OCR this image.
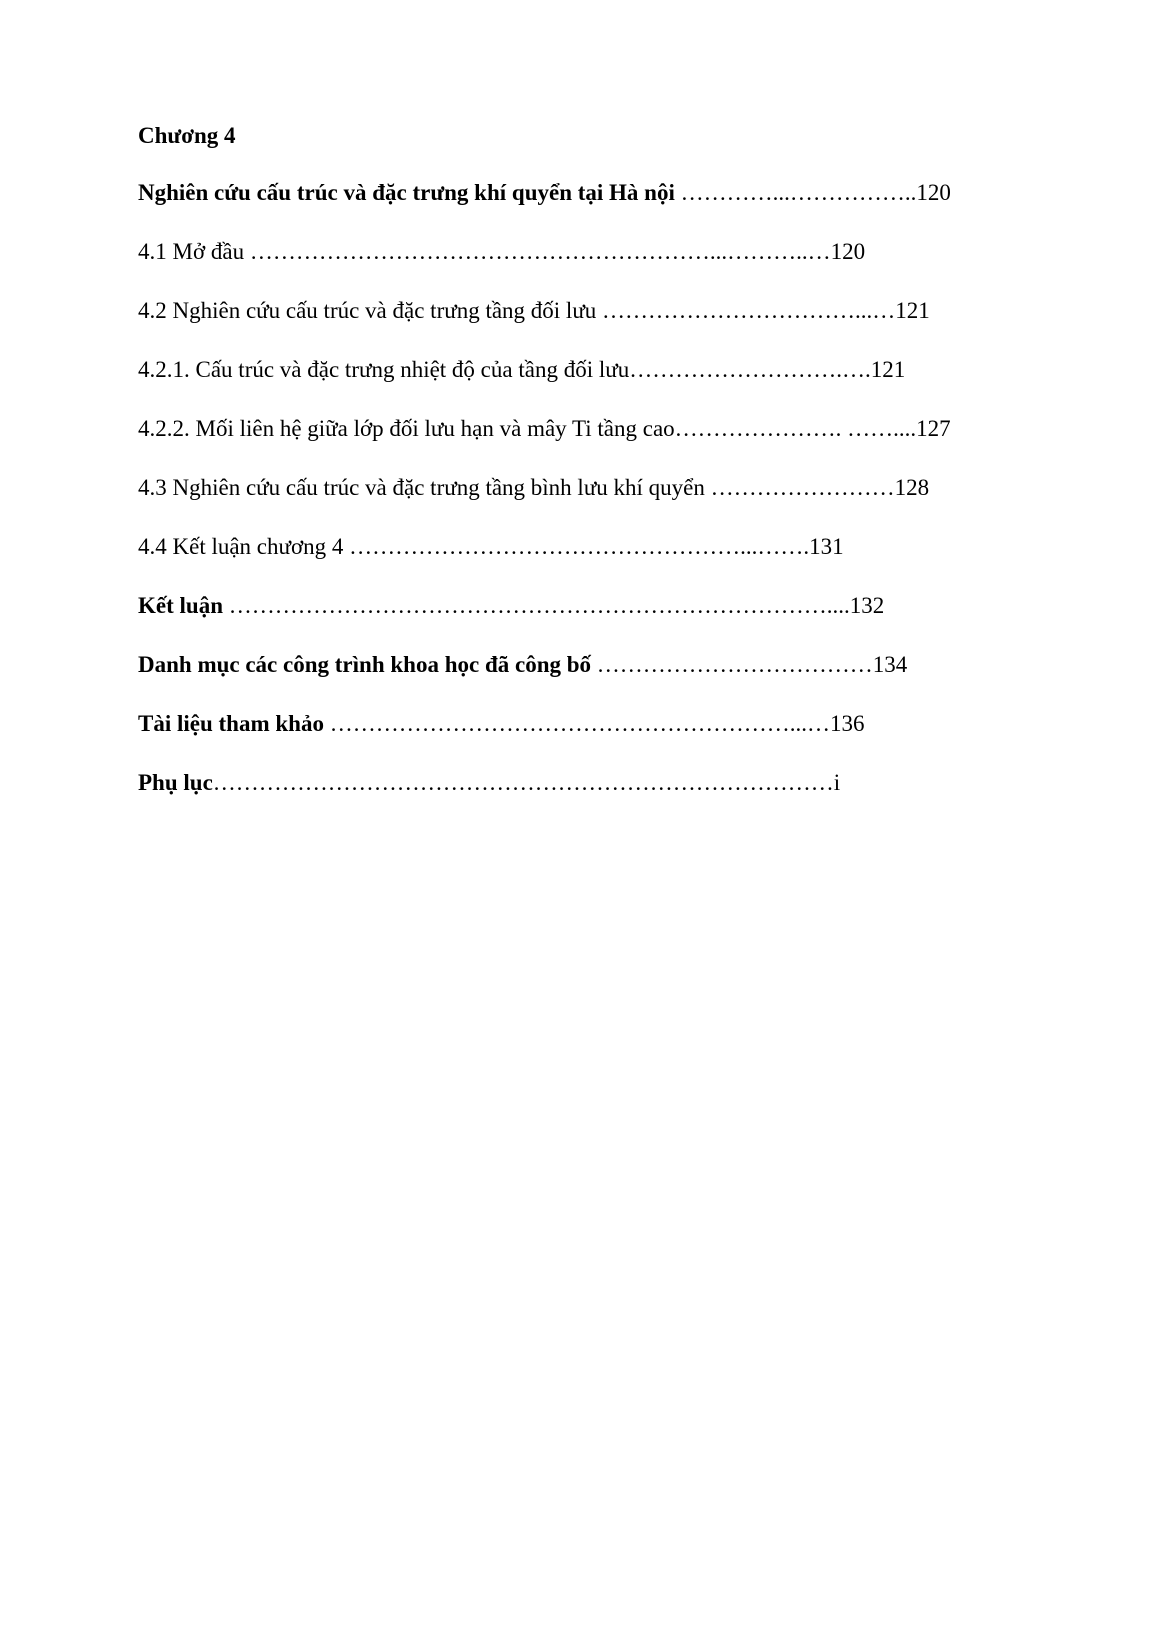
Chương 4
Nghiên cứu cấu trúc và đặc trưng khí quyển tại Hà nội …………...……………..120
4.1 Mở đầu ……………………………………………………...………..…120
4.2 Nghiên cứu cấu trúc và đặc trưng tầng đối lưu ……………………………...…121
4.2.1. Cấu trúc và đặc trưng nhiệt độ của tầng đối lưu……………………….….121
4.2.2. Mối liên hệ giữa lớp đối lưu hạn và mây Ti tầng cao…………………. ……....127
4.3 Nghiên cứu cấu trúc và đặc trưng tầng bình lưu khí quyển ……………………128
4.4 Kết luận chương 4 ……………………………………………...…….131
Kết luận ……………………………………………………………………....132
Danh mục các công trình khoa học đã công bố ………………………………134
Tài liệu tham khảo ……………………………………………………...…136
Phụ lục………………………………………………………………………i
